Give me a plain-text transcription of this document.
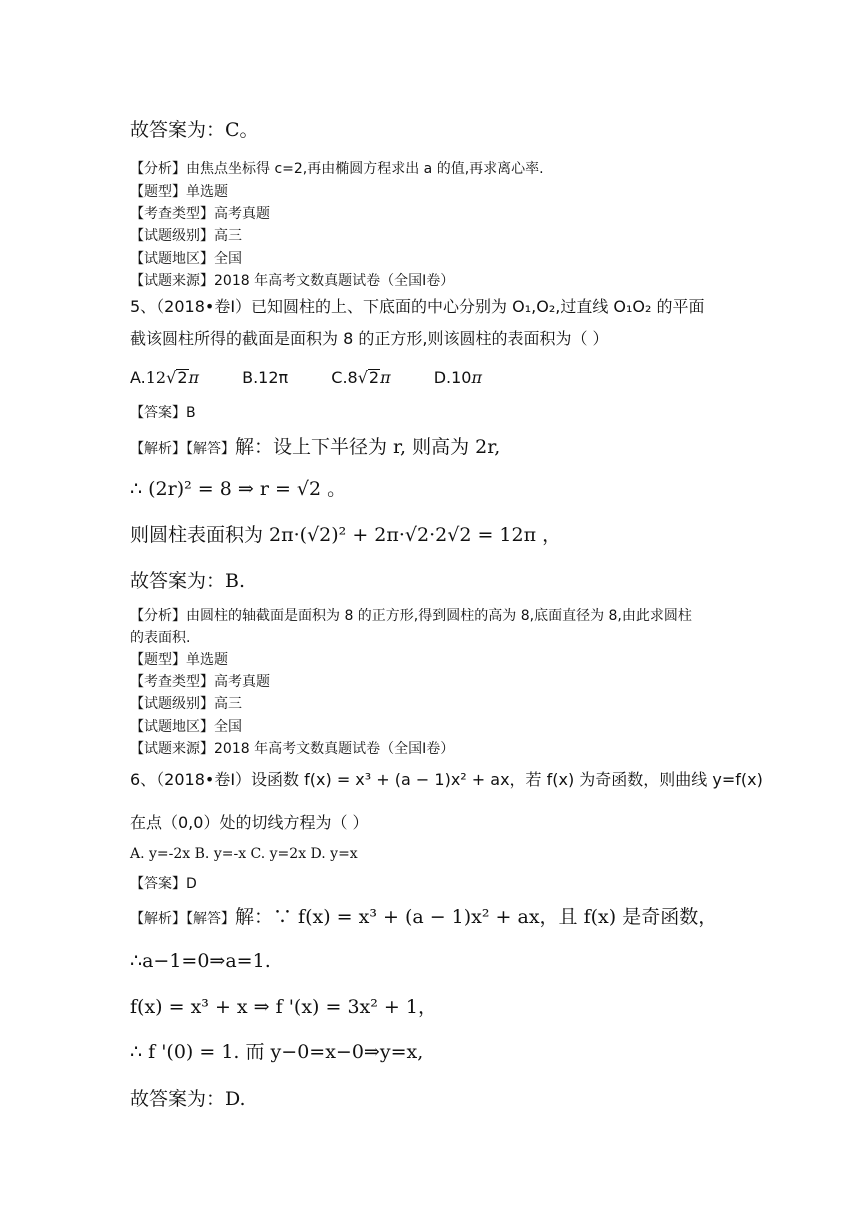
故答案为：C。
【分析】由焦点坐标得 c=2,再由椭圆方程求出 a 的值,再求离心率.
【题型】单选题
【考查类型】高考真题
【试题级别】高三
【试题地区】全国
【试题来源】2018 年高考文数真题试卷（全国Ⅰ卷）
5、（2018•卷Ⅰ）已知圆柱的上、下底面的中心分别为 O₁,O₂,过直线 O₁O₂ 的平面
截该圆柱所得的截面是面积为 8 的正方形,则该圆柱的表面积为（ ）
A.12√2π	B.12π	C.8√2π	D.10π
【答案】B
【解析】【解答】解：设上下半径为 r, 则高为 2r,
∴ (2r)² = 8 ⇒ r = √2 。
则圆柱表面积为 2π·(√2)² + 2π·√2·2√2 = 12π ，
故答案为：B.
【分析】由圆柱的轴截面是面积为 8 的正方形,得到圆柱的高为 8,底面直径为 8,由此求圆柱
的表面积.
【题型】单选题
【考查类型】高考真题
【试题级别】高三
【试题地区】全国
【试题来源】2018 年高考文数真题试卷（全国Ⅰ卷）
6、（2018•卷Ⅰ）设函数 f(x) = x³ + (a − 1)x² + ax，若 f(x) 为奇函数，则曲线 y=f(x)
在点（0,0）处的切线方程为（ ）
A. y=-2x B. y=-x C. y=2x D. y=x
【答案】D
【解析】【解答】解：∵ f(x) = x³ + (a − 1)x² + ax，且 f(x) 是奇函数，
∴a−1=0⇒a=1.
f(x) = x³ + x ⇒ f '(x) = 3x² + 1，
∴ f '(0) = 1. 而 y−0=x−0⇒y=x,
故答案为：D.
